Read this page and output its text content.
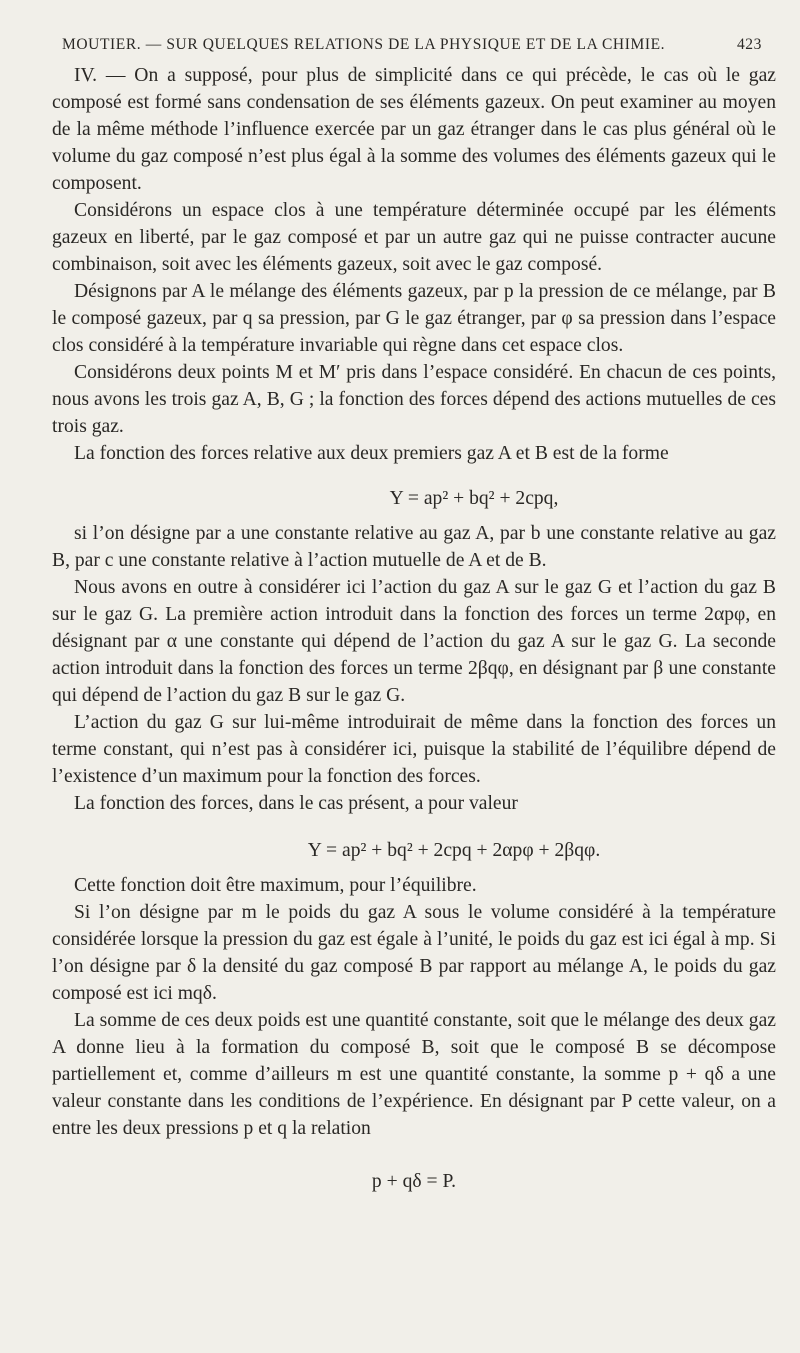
MOUTIER. — SUR QUELQUES RELATIONS DE LA PHYSIQUE ET DE LA CHIMIE.	423

IV. — On a supposé, pour plus de simplicité dans ce qui précède, le cas où le gaz composé est formé sans condensation de ses éléments gazeux. On peut examiner au moyen de la même méthode l’influence exercée par un gaz étranger dans le cas plus général où le volume du gaz composé n’est plus égal à la somme des volumes des éléments gazeux qui le composent.

Considérons un espace clos à une température déterminée occupé par les éléments gazeux en liberté, par le gaz composé et par un autre gaz qui ne puisse contracter aucune combinaison, soit avec les éléments gazeux, soit avec le gaz composé.

Désignons par A le mélange des éléments gazeux, par p la pression de ce mélange, par B le composé gazeux, par q sa pression, par G le gaz étranger, par φ sa pression dans l’espace clos considéré à la température invariable qui règne dans cet espace clos.

Considérons deux points M et M′ pris dans l’espace considéré. En chacun de ces points, nous avons les trois gaz A, B, G ; la fonction des forces dépend des actions mutuelles de ces trois gaz.

La fonction des forces relative aux deux premiers gaz A et B est de la forme

Y = ap² + bq² + 2cpq,

si l’on désigne par a une constante relative au gaz A, par b une constante relative au gaz B, par c une constante relative à l’action mutuelle de A et de B.

Nous avons en outre à considérer ici l’action du gaz A sur le gaz G et l’action du gaz B sur le gaz G. La première action introduit dans la fonction des forces un terme 2αpφ, en désignant par α une constante qui dépend de l’action du gaz A sur le gaz G. La seconde action introduit dans la fonction des forces un terme 2βqφ, en désignant par β une constante qui dépend de l’action du gaz B sur le gaz G.

L’action du gaz G sur lui-même introduirait de même dans la fonction des forces un terme constant, qui n’est pas à considérer ici, puisque la stabilité de l’équilibre dépend de l’existence d’un maximum pour la fonction des forces.

La fonction des forces, dans le cas présent, a pour valeur

Y = ap² + bq² + 2cpq + 2αpφ + 2βqφ.

Cette fonction doit être maximum, pour l’équilibre.

Si l’on désigne par m le poids du gaz A sous le volume considéré à la température considérée lorsque la pression du gaz est égale à l’unité, le poids du gaz est ici égal à mp. Si l’on désigne par δ la densité du gaz composé B par rapport au mélange A, le poids du gaz composé est ici mqδ.

La somme de ces deux poids est une quantité constante, soit que le mélange des deux gaz A donne lieu à la formation du composé B, soit que le composé B se décompose partiellement et, comme d’ailleurs m est une quantité constante, la somme p + qδ a une valeur constante dans les conditions de l’expérience. En désignant par P cette valeur, on a entre les deux pressions p et q la relation

p + qδ = P.
